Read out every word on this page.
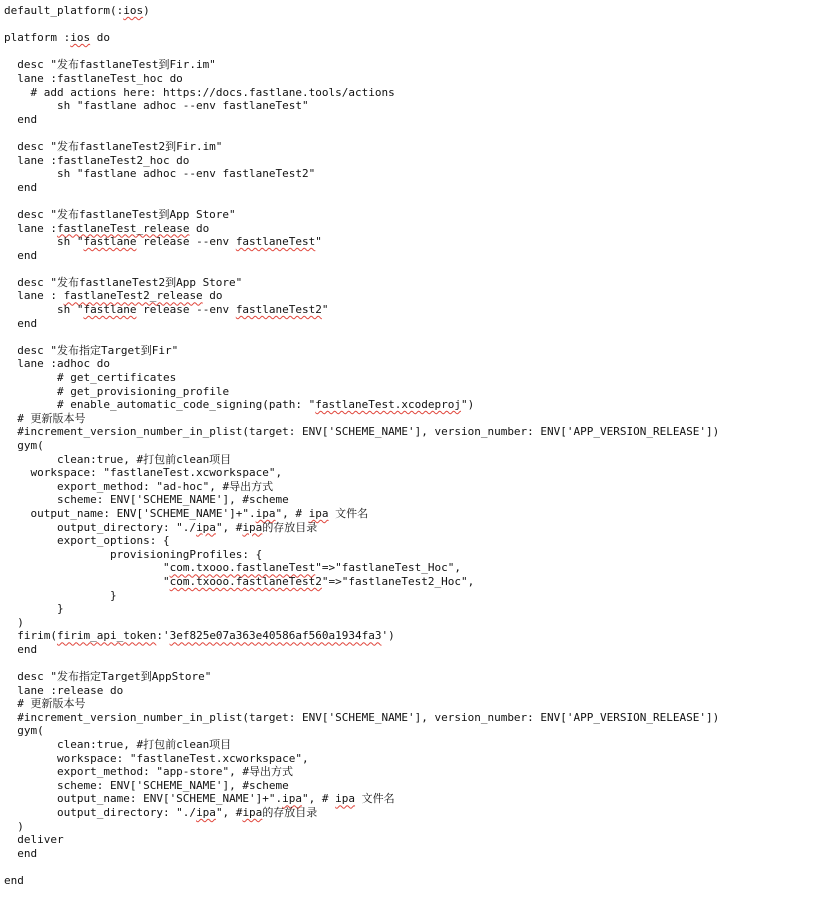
default_platform(:ios)
platform :ios do
desc "发布fastlaneTest到Fir.im"
lane :fastlaneTest_hoc do
# add actions here: https://docs.fastlane.tools/actions
sh "fastlane adhoc --env fastlaneTest"
end
desc "发布fastlaneTest2到Fir.im"
lane :fastlaneTest2_hoc do
sh "fastlane adhoc --env fastlaneTest2"
end
desc "发布fastlaneTest到App Store"
lane :fastlaneTest_release do
sh "fastlane release --env fastlaneTest"
end
desc "发布fastlaneTest2到App Store"
lane : fastlaneTest2_release do
sh "fastlane release --env fastlaneTest2"
end
desc "发布指定Target到Fir"
lane :adhoc do
# get_certificates
# get_provisioning_profile
# enable_automatic_code_signing(path: "fastlaneTest.xcodeproj")
# 更新版本号
#increment_version_number_in_plist(target: ENV['SCHEME_NAME'], version_number: ENV['APP_VERSION_RELEASE'])
gym(
clean:true, #打包前clean项目
workspace: "fastlaneTest.xcworkspace",
export_method: "ad-hoc", #导出方式
scheme: ENV['SCHEME_NAME'], #scheme
output_name: ENV['SCHEME_NAME']+".ipa", # ipa 文件名
output_directory: "./ipa", #ipa的存放目录
export_options: {
provisioningProfiles: {
"com.txooo.fastlaneTest"=>"fastlaneTest_Hoc",
"com.txooo.fastlaneTest2"=>"fastlaneTest2_Hoc",
}
}
)
firim(firim_api_token:'3ef825e07a363e40586af560a1934fa3')
end
desc "发布指定Target到AppStore"
lane :release do
# 更新版本号
#increment_version_number_in_plist(target: ENV['SCHEME_NAME'], version_number: ENV['APP_VERSION_RELEASE'])
gym(
clean:true, #打包前clean项目
workspace: "fastlaneTest.xcworkspace",
export_method: "app-store", #导出方式
scheme: ENV['SCHEME_NAME'], #scheme
output_name: ENV['SCHEME_NAME']+".ipa", # ipa 文件名
output_directory: "./ipa", #ipa的存放目录
)
deliver
end
end
